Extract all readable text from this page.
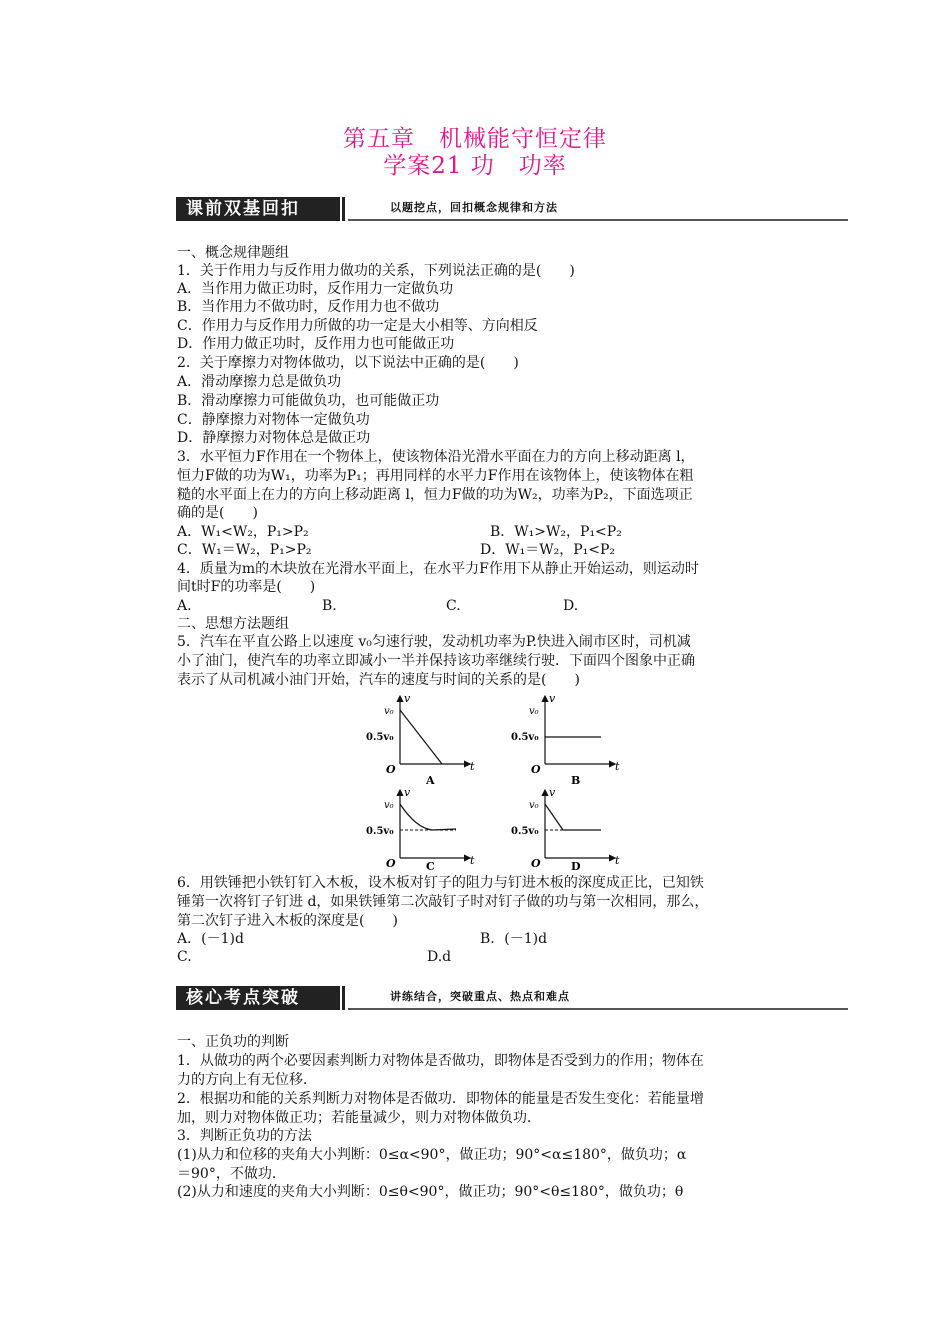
第五章　机械能守恒定律
学案21 功　功率
课前双基回扣	以题挖点，回扣概念规律和方法
一、概念规律题组
1．关于作用力与反作用力做功的关系，下列说法正确的是(　　)
A．当作用力做正功时，反作用力一定做负功
B．当作用力不做功时，反作用力也不做功
C．作用力与反作用力所做的功一定是大小相等、方向相反
D．作用力做正功时，反作用力也可能做正功
2．关于摩擦力对物体做功，以下说法中正确的是(　　)
A．滑动摩擦力总是做负功
B．滑动摩擦力可能做负功，也可能做正功
C．静摩擦力对物体一定做负功
D．静摩擦力对物体总是做正功
3．水平恒力F作用在一个物体上，使该物体沿光滑水平面在力的方向上移动距离 l，
恒力F做的功为W₁，功率为P₁；再用同样的水平力F作用在该物体上，使该物体在粗
糙的水平面上在力的方向上移动距离 l，恒力F做的功为W₂，功率为P₂，下面选项正
确的是(　　)
A．W₁<W₂，P₁>P₂	B．W₁>W₂，P₁<P₂
C．W₁＝W₂，P₁>P₂	D．W₁＝W₂，P₁<P₂
4．质量为m的木块放在光滑水平面上，在水平力F作用下从静止开始运动，则运动时
间t时F的功率是(　　)
A.	B.	C.	D.
二、思想方法题组
5．汽车在平直公路上以速度 v₀匀速行驶，发动机功率为P.快进入闹市区时，司机减
小了油门，使汽车的功率立即减小一半并保持该功率继续行驶．下面四个图象中正确
表示了从司机减小油门开始，汽车的速度与时间的关系的是(　　)
v
t
O
v₀
0.5v₀
A
v
t
O
v₀
0.5v₀
B
v
t
O
v₀
0.5v₀
C
v
t
O
v₀
0.5v₀
D
6．用铁锤把小铁钉钉入木板，设木板对钉子的阻力与钉进木板的深度成正比，已知铁
锤第一次将钉子钉进 d，如果铁锤第二次敲钉子时对钉子做的功与第一次相同，那么，
第二次钉子进入木板的深度是(　　)
A．(－1)d	B．(－1)d
C.	D.d
核心考点突破	讲练结合，突破重点、热点和难点
一、正负功的判断
1．从做功的两个必要因素判断力对物体是否做功，即物体是否受到力的作用；物体在
力的方向上有无位移．
2．根据功和能的关系判断力对物体是否做功．即物体的能量是否发生变化：若能量增
加，则力对物体做正功；若能量减少，则力对物体做负功．
3．判断正负功的方法
(1)从力和位移的夹角大小判断：0≤α<90°，做正功；90°<α≤180°，做负功；α
＝90°，不做功．
(2)从力和速度的夹角大小判断：0≤θ<90°，做正功；90°<θ≤180°，做负功；θ
